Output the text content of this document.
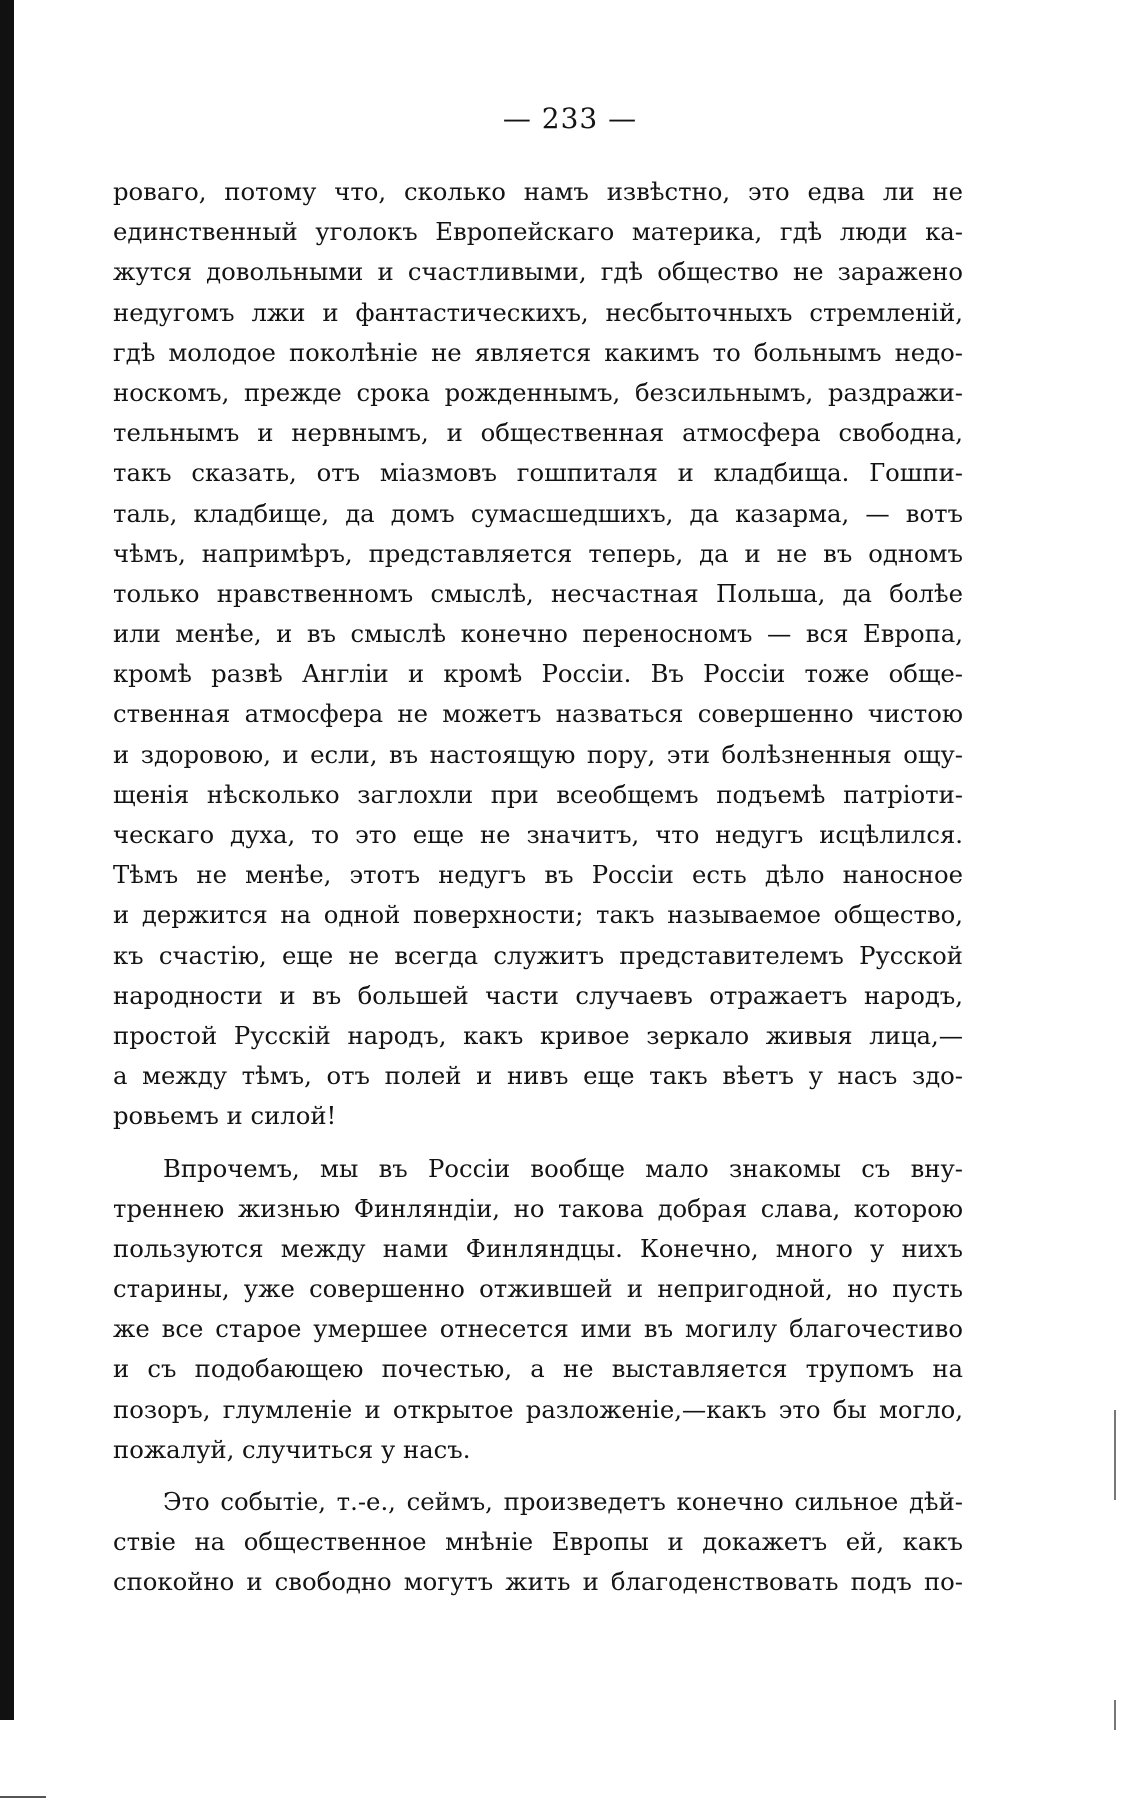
— 233 —
роваго, потому что, сколько намъ извѣстно, это едва ли не
единственный уголокъ Европейскаго материка, гдѣ люди ка-
жутся довольными и счастливыми, гдѣ общество не заражено
недугомъ лжи и фантастическихъ, несбыточныхъ стремленій,
гдѣ молодое поколѣніе не является какимъ то больнымъ недо-
носкомъ, прежде срока рожденнымъ, безсильнымъ, раздражи-
тельнымъ и нервнымъ, и общественная атмосфера свободна,
такъ сказать, отъ міазмовъ гошпиталя и кладбища. Гошпи-
таль, кладбище, да домъ сумасшедшихъ, да казарма, — вотъ
чѣмъ, напримѣръ, представляется теперь, да и не въ одномъ
только нравственномъ смыслѣ, несчастная Польша, да болѣе
или менѣе, и въ смыслѣ конечно переносномъ — вся Европа,
кромѣ развѣ Англіи и кромѣ Россіи. Въ Россіи тоже обще-
ственная атмосфера не можетъ назваться совершенно чистою
и здоровою, и если, въ настоящую пору, эти болѣзненныя ощу-
щенія нѣсколько заглохли при всеобщемъ подъемѣ патріоти-
ческаго духа, то это еще не значитъ, что недугъ исцѣлился.
Тѣмъ не менѣе, этотъ недугъ въ Россіи есть дѣло наносное
и держится на одной поверхности; такъ называемое общество,
къ счастію, еще не всегда служитъ представителемъ Русской
народности и въ большей части случаевъ отражаетъ народъ,
простой Русскій народъ, какъ кривое зеркало живыя лица,—
а между тѣмъ, отъ полей и нивъ еще такъ вѣетъ у насъ здо-
ровьемъ и силой!
Впрочемъ, мы въ Россіи вообще мало знакомы съ вну-
треннею жизнью Финляндіи, но такова добрая слава, которою
пользуются между нами Финляндцы. Конечно, много у нихъ
старины, уже совершенно отжившей и непригодной, но пусть
же все старое умершее отнесется ими въ могилу благочестиво
и съ подобающею почестью, а не выставляется трупомъ на
позоръ, глумленіе и открытое разложеніе,—какъ это бы могло,
пожалуй, случиться у насъ.
Это событіе, т.-е., сеймъ, произведетъ конечно сильное дѣй-
ствіе на общественное мнѣніе Европы и докажетъ ей, какъ
спокойно и свободно могутъ жить и благоденствовать подъ по-
